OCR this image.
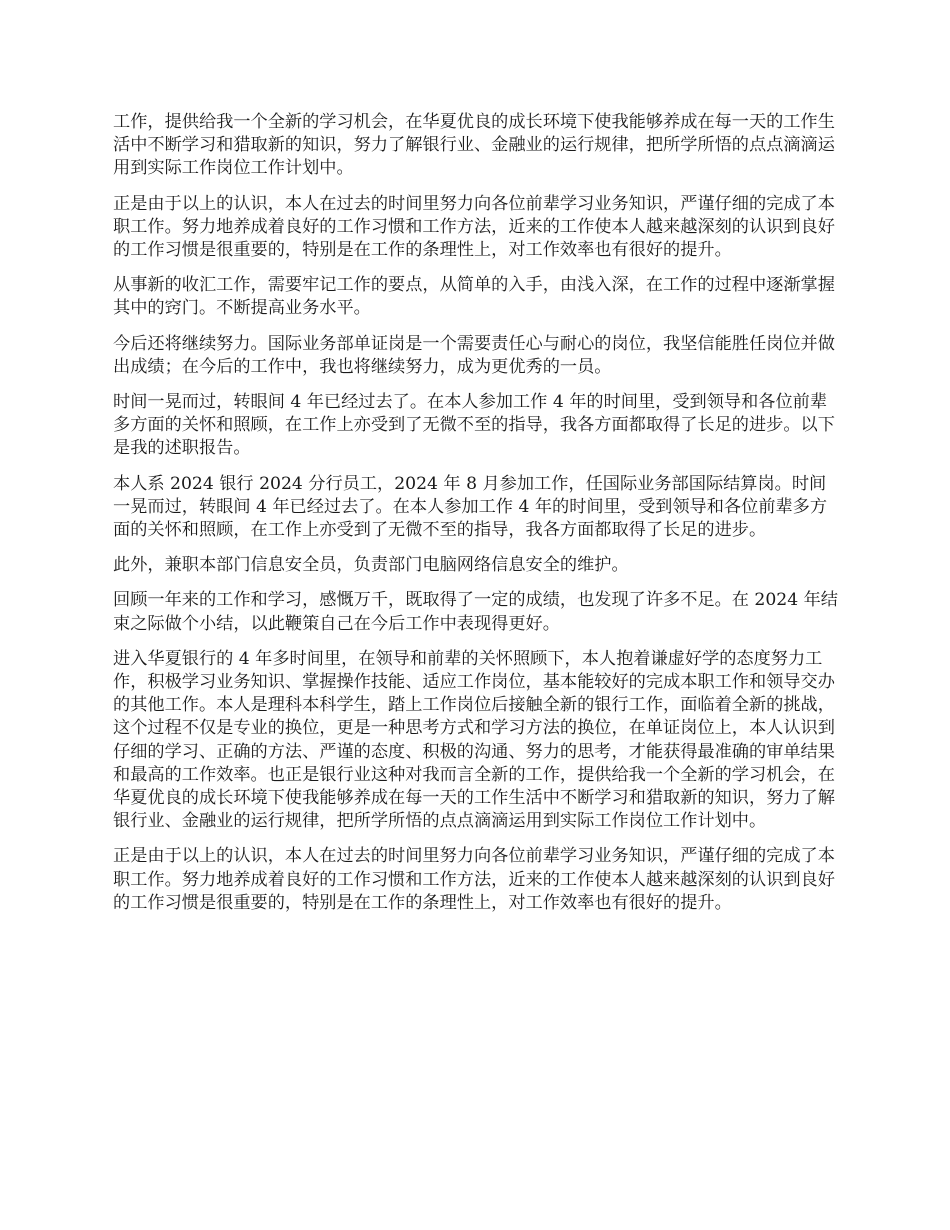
工作，提供给我一个全新的学习机会，在华夏优良的成长环境下使我能够养成在每一天的工作生活中不断学习和猎取新的知识，努力了解银行业、金融业的运行规律，把所学所悟的点点滴滴运用到实际工作岗位工作计划中。

正是由于以上的认识，本人在过去的时间里努力向各位前辈学习业务知识，严谨仔细的完成了本职工作。努力地养成着良好的工作习惯和工作方法，近来的工作使本人越来越深刻的认识到良好的工作习惯是很重要的，特别是在工作的条理性上，对工作效率也有很好的提升。

从事新的收汇工作，需要牢记工作的要点，从简单的入手，由浅入深，在工作的过程中逐渐掌握其中的窍门。不断提高业务水平。

今后还将继续努力。国际业务部单证岗是一个需要责任心与耐心的岗位，我坚信能胜任岗位并做出成绩；在今后的工作中，我也将继续努力，成为更优秀的一员。

时间一晃而过，转眼间 4 年已经过去了。在本人参加工作 4 年的时间里，受到领导和各位前辈多方面的关怀和照顾，在工作上亦受到了无微不至的指导，我各方面都取得了长足的进步。以下是我的述职报告。

本人系 2024 银行 2024 分行员工，2024 年 8 月参加工作，任国际业务部国际结算岗。时间一晃而过，转眼间 4 年已经过去了。在本人参加工作 4 年的时间里，受到领导和各位前辈多方面的关怀和照顾，在工作上亦受到了无微不至的指导，我各方面都取得了长足的进步。

此外，兼职本部门信息安全员，负责部门电脑网络信息安全的维护。

回顾一年来的工作和学习，感慨万千，既取得了一定的成绩，也发现了许多不足。在 2024 年结束之际做个小结，以此鞭策自己在今后工作中表现得更好。

进入华夏银行的 4 年多时间里，在领导和前辈的关怀照顾下，本人抱着谦虚好学的态度努力工作，积极学习业务知识、掌握操作技能、适应工作岗位，基本能较好的完成本职工作和领导交办的其他工作。本人是理科本科学生，踏上工作岗位后接触全新的银行工作，面临着全新的挑战，这个过程不仅是专业的换位，更是一种思考方式和学习方法的换位，在单证岗位上，本人认识到仔细的学习、正确的方法、严谨的态度、积极的沟通、努力的思考，才能获得最准确的审单结果和最高的工作效率。也正是银行业这种对我而言全新的工作，提供给我一个全新的学习机会，在华夏优良的成长环境下使我能够养成在每一天的工作生活中不断学习和猎取新的知识，努力了解银行业、金融业的运行规律，把所学所悟的点点滴滴运用到实际工作岗位工作计划中。

正是由于以上的认识，本人在过去的时间里努力向各位前辈学习业务知识，严谨仔细的完成了本职工作。努力地养成着良好的工作习惯和工作方法，近来的工作使本人越来越深刻的认识到良好的工作习惯是很重要的，特别是在工作的条理性上，对工作效率也有很好的提升。
